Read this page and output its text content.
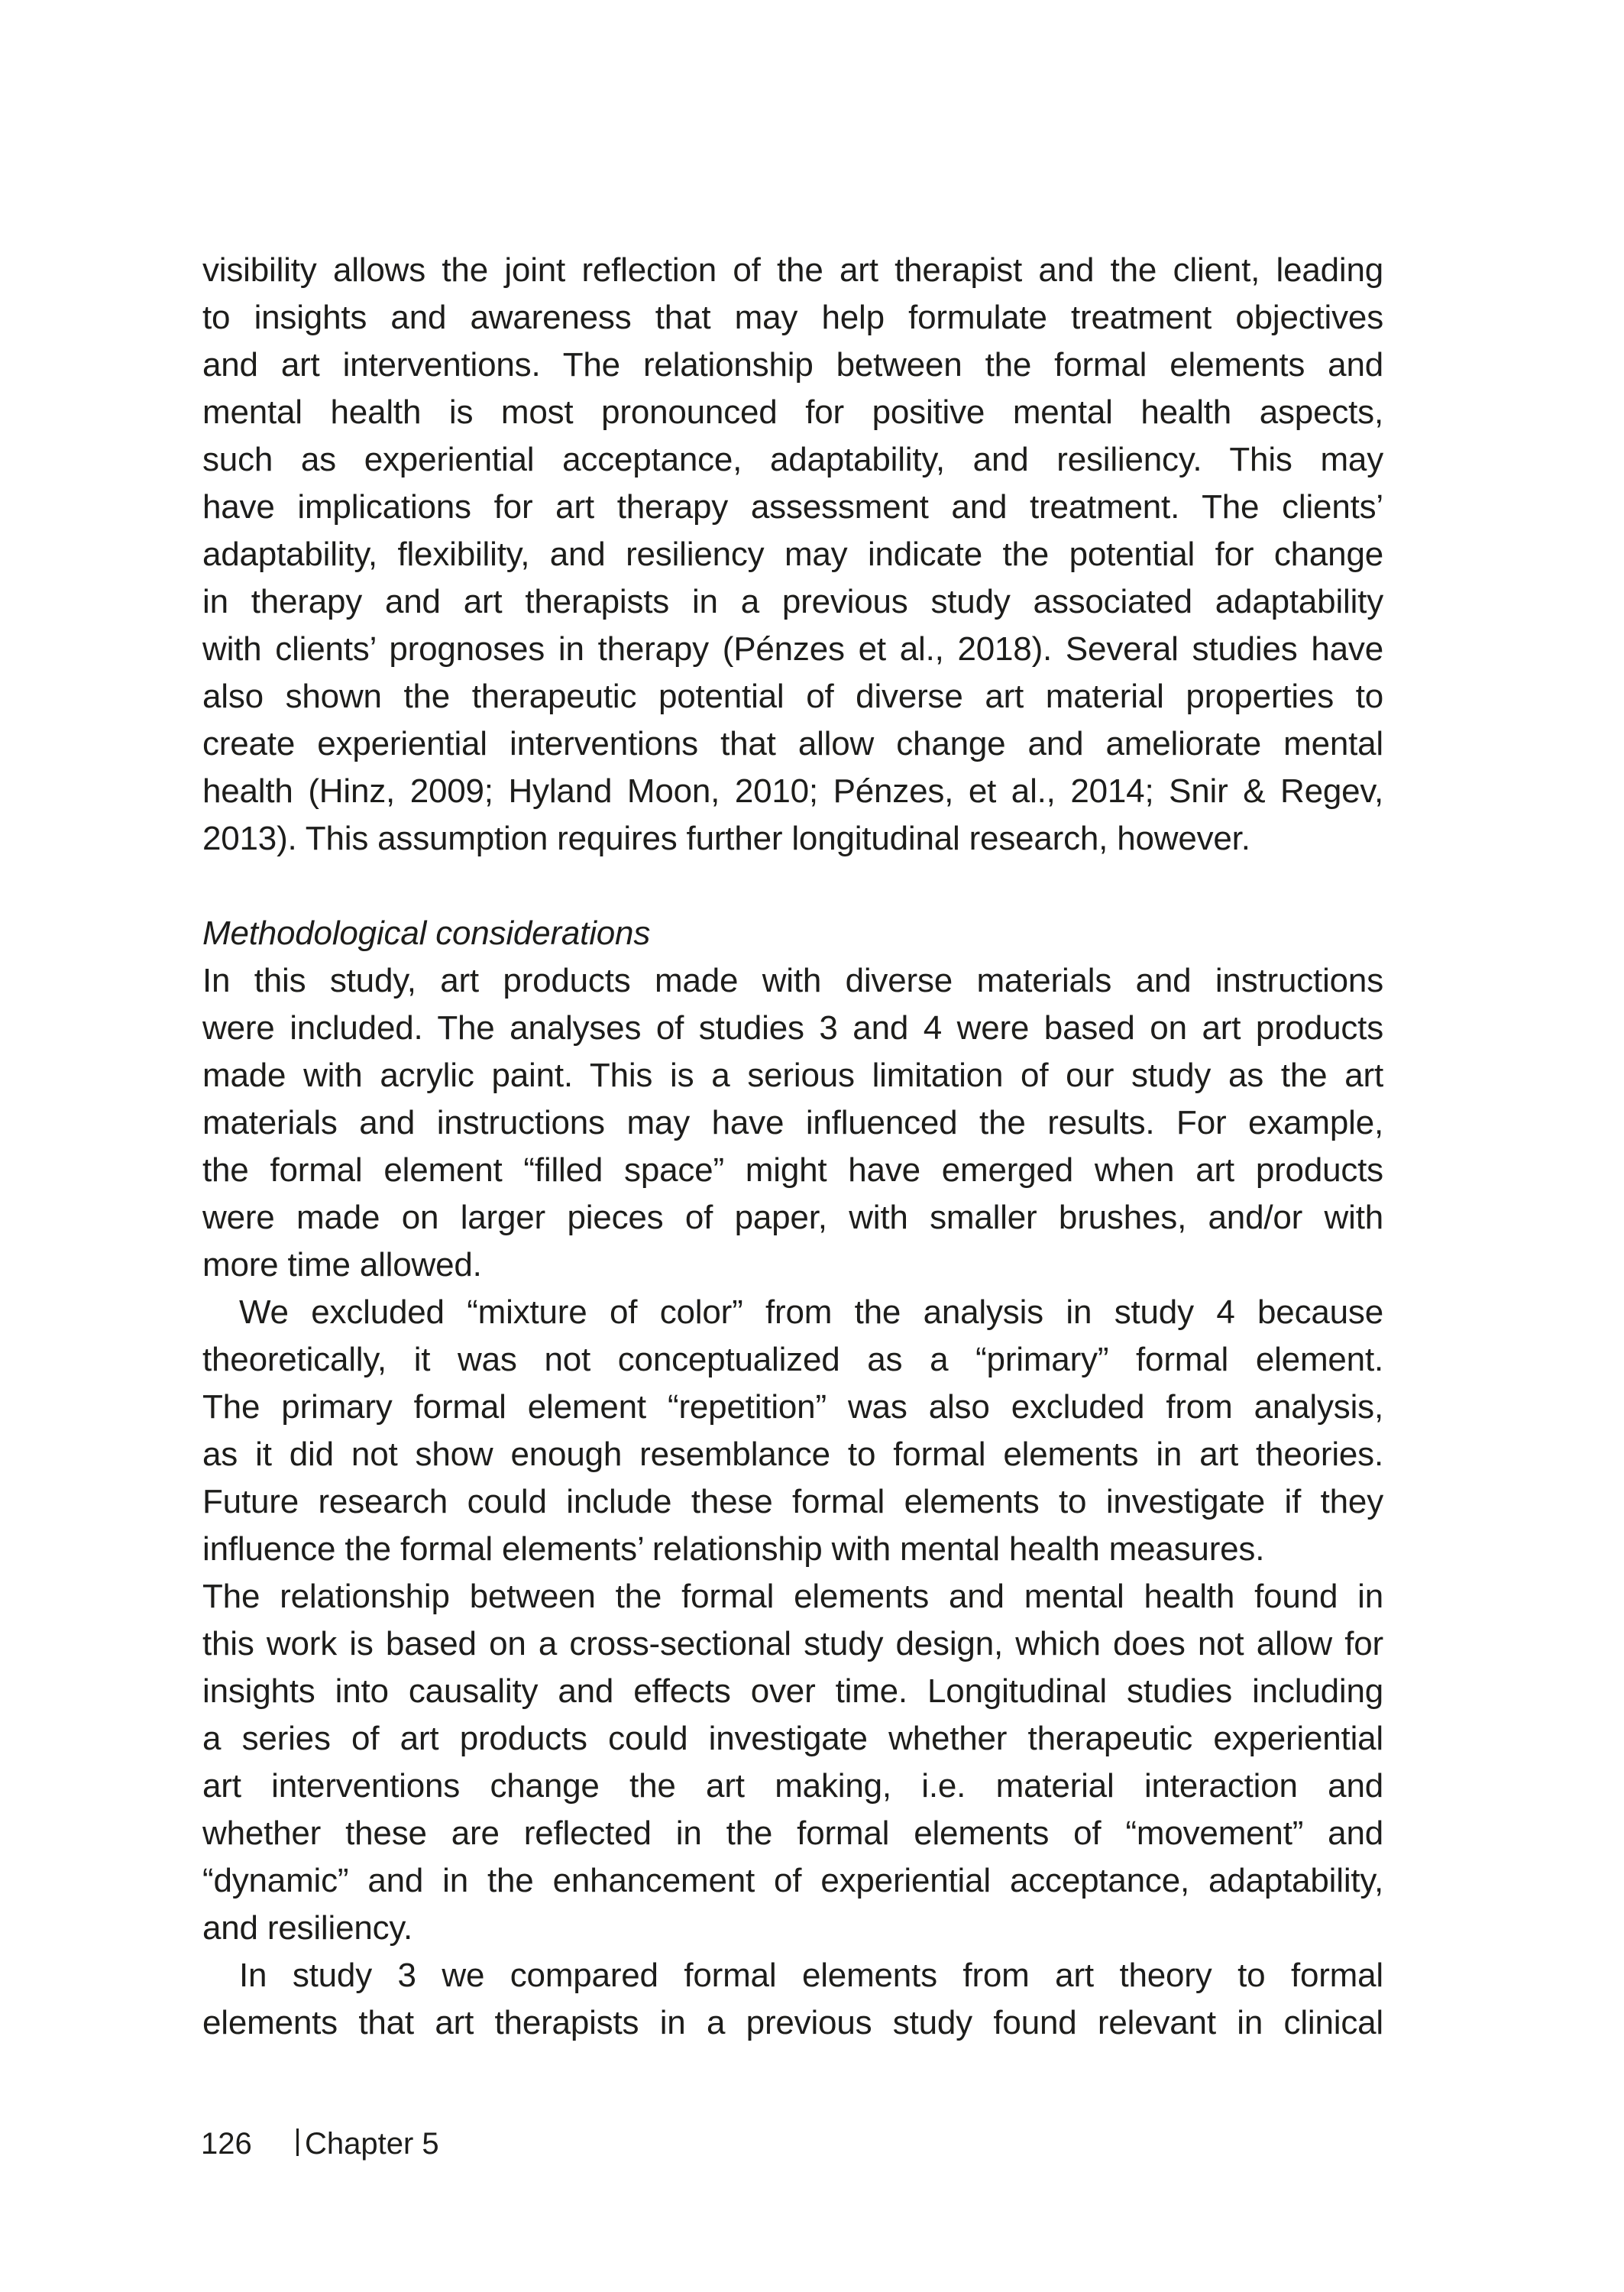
visibility allows the joint reflection of the art therapist and the client, leading
to insights and awareness that may help formulate treatment objectives
and art interventions. The relationship between the formal elements and
mental health is most pronounced for positive mental health aspects,
such as experiential acceptance, adaptability, and resiliency. This may
have implications for art therapy assessment and treatment. The clients’
adaptability, flexibility, and resiliency may indicate the potential for change
in therapy and art therapists in a previous study associated adaptability
with clients’ prognoses in therapy (Pénzes et al., 2018). Several studies have
also shown the therapeutic potential of diverse art material properties to
create experiential interventions that allow change and ameliorate mental
health (Hinz, 2009; Hyland Moon, 2010; Pénzes, et al., 2014; Snir & Regev,
2013). This assumption requires further longitudinal research, however.
Methodological considerations
In this study, art products made with diverse materials and instructions
were included. The analyses of studies 3 and 4 were based on art products
made with acrylic paint. This is a serious limitation of our study as the art
materials and instructions may have influenced the results. For example,
the formal element “filled space” might have emerged when art products
were made on larger pieces of paper, with smaller brushes, and/or with
more time allowed.
We excluded “mixture of color” from the analysis in study 4 because
theoretically, it was not conceptualized as a “primary” formal element.
The primary formal element “repetition” was also excluded from analysis,
as it did not show enough resemblance to formal elements in art theories.
Future research could include these formal elements to investigate if they
influence the formal elements’ relationship with mental health measures.
The relationship between the formal elements and mental health found in
this work is based on a cross-sectional study design, which does not allow for
insights into causality and effects over time. Longitudinal studies including
a series of art products could investigate whether therapeutic experiential
art interventions change the art making, i.e. material interaction and
whether these are reflected in the formal elements of “movement” and
“dynamic” and in the enhancement of experiential acceptance, adaptability,
and resiliency.
In study 3 we compared formal elements from art theory to formal
elements that art therapists in a previous study found relevant in clinical
126 Chapter 5
